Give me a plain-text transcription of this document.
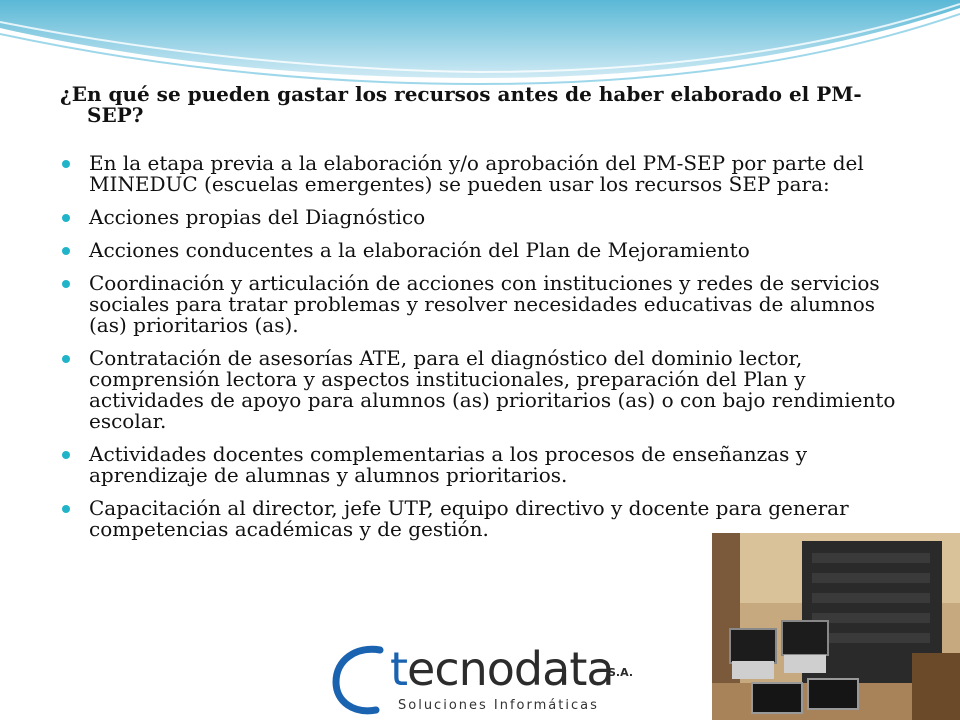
¿En qué se pueden gastar los recursos antes de haber elaborado el PM-SEP?

En la etapa previa a la elaboración y/o aprobación del PM-SEP por parte del MINEDUC (escuelas emergentes) se pueden usar los recursos SEP para:
Acciones propias del Diagnóstico
Acciones conducentes a la elaboración del Plan de Mejoramiento
Coordinación y articulación de acciones con instituciones y redes de servicios sociales para tratar problemas y resolver necesidades educativas de alumnos (as) prioritarios (as).
Contratación de asesorías ATE, para el diagnóstico del dominio lector, comprensión lectora y aspectos institucionales, preparación del Plan y actividades de apoyo para alumnos (as) prioritarios (as) o con bajo rendimiento escolar.
Actividades docentes complementarias a los procesos de enseñanzas y aprendizaje de alumnas y alumnos prioritarios.
Capacitación al director, jefe UTP, equipo directivo y docente para generar competencias académicas y de gestión.
tecnodata
S.A.
Soluciones Informáticas
